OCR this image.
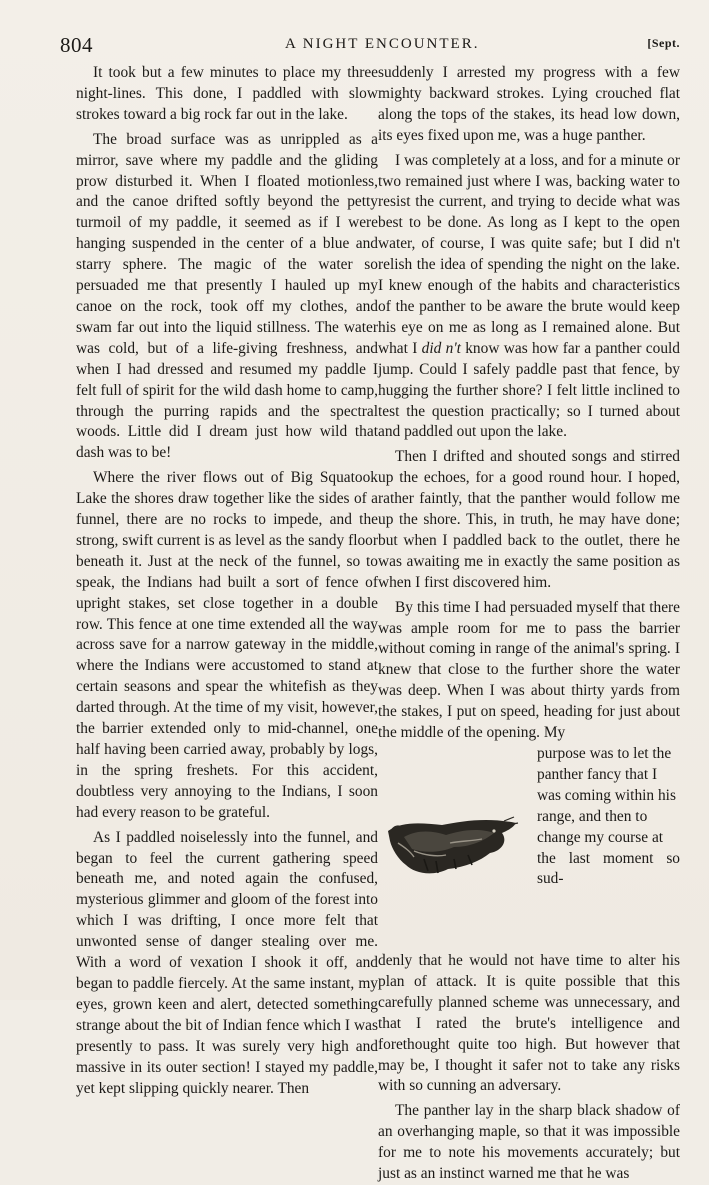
804	A NIGHT ENCOUNTER.	[Sept.

It took but a few minutes to place my three night-lines. This done, I paddled with slow strokes toward a big rock far out in the lake.

The broad surface was as unrippled as a mirror, save where my paddle and the gliding prow disturbed it. When I floated motionless, and the canoe drifted softly beyond the petty turmoil of my paddle, it seemed as if I were hanging suspended in the center of a blue and starry sphere. The magic of the water so persuaded me that presently I hauled up my canoe on the rock, took off my clothes, and swam far out into the liquid stillness. The water was cold, but of a life-giving freshness, and when I had dressed and resumed my paddle I felt full of spirit for the wild dash home to camp, through the purring rapids and the spectral woods. Little did I dream just how wild that dash was to be!

Where the river flows out of Big Squatook Lake the shores draw together like the sides of a funnel, there are no rocks to impede, and the strong, swift current is as level as the sandy floor beneath it. Just at the neck of the funnel, so to speak, the Indians had built a sort of fence of upright stakes, set close together in a double row. This fence at one time extended all the way across save for a narrow gateway in the middle, where the Indians were accustomed to stand at certain seasons and spear the whitefish as they darted through. At the time of my visit, however, the barrier extended only to mid-channel, one half having been carried away, probably by logs, in the spring freshets. For this accident, doubtless very annoying to the Indians, I soon had every reason to be grateful.

As I paddled noiselessly into the funnel, and began to feel the current gathering speed beneath me, and noted again the confused, mysterious glimmer and gloom of the forest into which I was drifting, I once more felt that unwonted sense of danger stealing over me. With a word of vexation I shook it off, and began to paddle fiercely. At the same instant, my eyes, grown keen and alert, detected something strange about the bit of Indian fence which I was presently to pass. It was surely very high and massive in its outer section! I stayed my paddle, yet kept slipping quickly nearer. Then

suddenly I arrested my progress with a few mighty backward strokes. Lying crouched flat along the tops of the stakes, its head low down, its eyes fixed upon me, was a huge panther.

I was completely at a loss, and for a minute or two remained just where I was, backing water to resist the current, and trying to decide what was best to be done. As long as I kept to the open water, of course, I was quite safe; but I did n't relish the idea of spending the night on the lake. I knew enough of the habits and characteristics of the panther to be aware the brute would keep his eye on me as long as I remained alone. But what I did n't know was how far a panther could jump. Could I safely paddle past that fence, by hugging the further shore? I felt little inclined to test the question practically; so I turned about and paddled out upon the lake.

Then I drifted and shouted songs and stirred up the echoes, for a good round hour. I hoped, rather faintly, that the panther would follow me up the shore. This, in truth, he may have done; but when I paddled back to the outlet, there he was awaiting me in exactly the same position as when I first discovered him.

By this time I had persuaded myself that there was ample room for me to pass the barrier without coming in range of the animal's spring. I knew that close to the further shore the water was deep. When I was about thirty yards from the stakes, I put on speed, heading for just about the middle of the opening. My

purpose was to let the
panther fancy that I
was coming within his
range, and then to
change my course at
the last moment so sud-

denly that he would not have time to alter his plan of attack. It is quite possible that this carefully planned scheme was unnecessary, and that I rated the brute's intelligence and forethought quite too high. But however that may be, I thought it safer not to take any risks with so cunning an adversary.

The panther lay in the sharp black shadow of an overhanging maple, so that it was impossible for me to note his movements accurately; but just as an instinct warned me that he was
